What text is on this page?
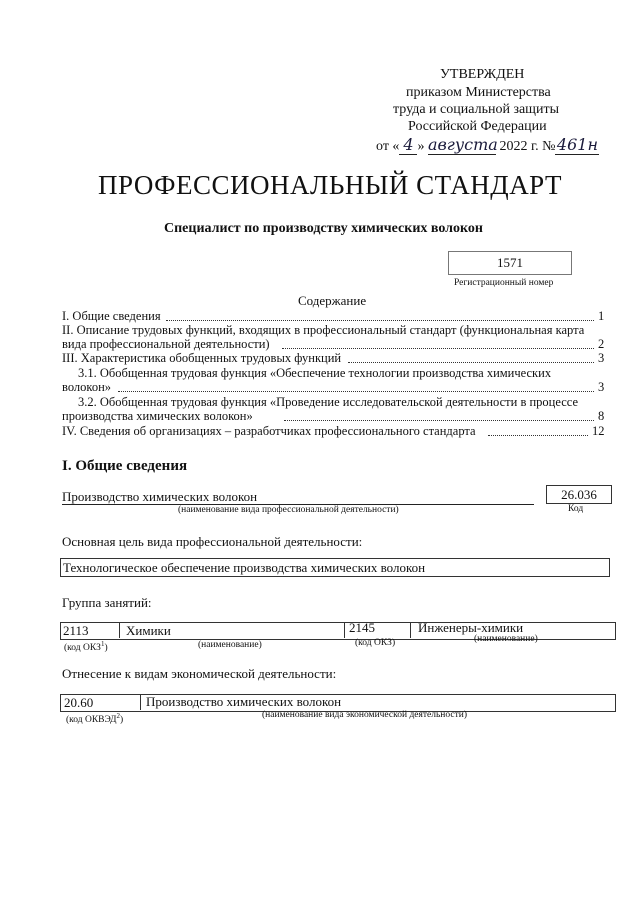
УТВЕРЖДЕН
приказом Министерства
труда и социальной защиты
Российской Федерации
от « 4 » августа 2022 г. №461н
ПРОФЕССИОНАЛЬНЫЙ СТАНДАРТ
Специалист по производству химических волокон
1571
Регистрационный номер
Содержание
I. Общие сведения	1
II. Описание трудовых функций, входящих в профессиональный стандарт (функциональная карта
вида профессиональной деятельности)	2
III. Характеристика обобщенных трудовых функций	3
3.1. Обобщенная трудовая функция «Обеспечение технологии производства химических
волокон»	3
3.2. Обобщенная трудовая функция «Проведение исследовательской деятельности в процессе
производства химических волокон»	8
IV. Сведения об организациях – разработчиках профессионального стандарта	12
I. Общие сведения
Производство химических волокон
(наименование вида профессиональной деятельности)
26.036
Код
Основная цель вида профессиональной деятельности:
Технологическое обеспечение производства химических волокон
Группа занятий:
2113	Химики	2145	Инженеры-химики
(код ОКЗ$^1$)	(наименование)	(код ОКЗ)	(наименование)
Отнесение к видам экономической деятельности:
20.60	Производство химических волокон
(код ОКВЭД$^2$)
(наименование вида экономической деятельности)
